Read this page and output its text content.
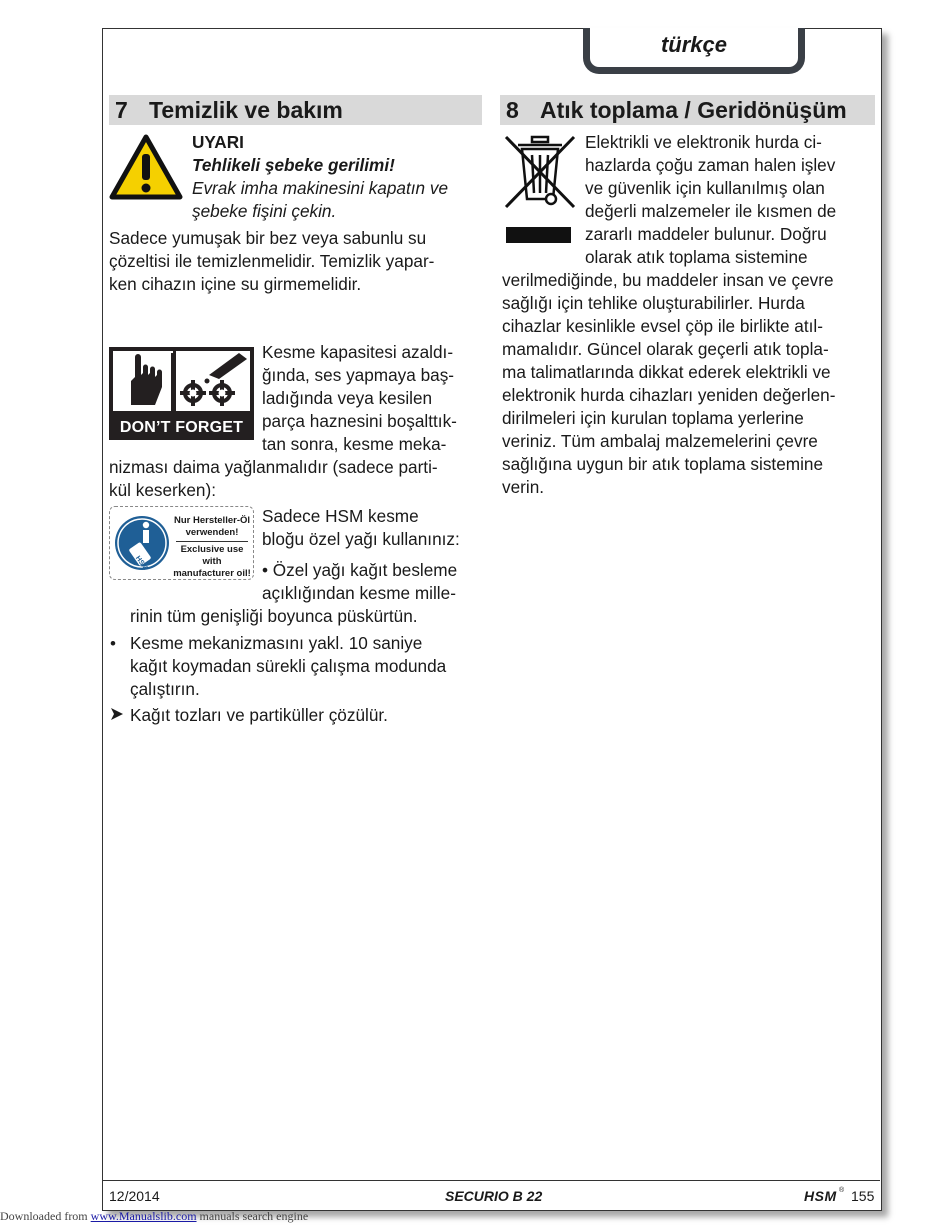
türkçe
7 Temizlik ve bakım
UYARI
Tehlikeli şebeke gerilimi!
Evrak imha makinesini kapatın ve
şebeke fişini çekin.
Sadece yumuşak bir bez veya sabunlu su
çözeltisi ile temizlenmelidir. Temizlik yapar-
ken cihazın içine su girmemelidir.
DON’T FORGET
Kesme kapasitesi azaldı-
ğında, ses yapmaya baş-
ladığında veya kesilen
parça haznesini boşalttık-
tan sonra, kesme meka-
nizması daima yağlanmalıdır (sadece parti-
kül keserken):
HSM
Nur Hersteller-Öl
verwenden!
Exclusive use with
manufacturer oil!
Sadece HSM kesme
bloğu özel yağı kullanınız:
• Özel yağı kağıt besleme
açıklığından kesme mille-
rinin tüm genişliği boyunca püskürtün.
• Kesme mekanizmasını yakl. 10 saniye
kağıt koymadan sürekli çalışma modunda
çalıştırın.
Kağıt tozları ve partiküller çözülür.
8 Atık toplama / Geridönüşüm
Elektrikli ve elektronik hurda ci-
hazlarda çoğu zaman halen işlev
ve güvenlik için kullanılmış olan
değerli malzemeler ile kısmen de
zararlı maddeler bulunur. Doğru
olarak atık toplama sistemine
verilmediğinde, bu maddeler insan ve çevre
sağlığı için tehlike oluşturabilirler. Hurda
cihazlar kesinlikle evsel çöp ile birlikte atıl-
mamalıdır. Güncel olarak geçerli atık topla-
ma talimatlarında dikkat ederek elektrikli ve
elektronik hurda cihazları yeniden değerlen-
dirilmeleri için kurulan toplama yerlerine
veriniz. Tüm ambalaj malzemelerini çevre
sağlığına uygun bir atık toplama sistemine
verin.
12/2014	SECURIO B 22	HSM ® 155
Downloaded from www.Manualslib.com manuals search engine
